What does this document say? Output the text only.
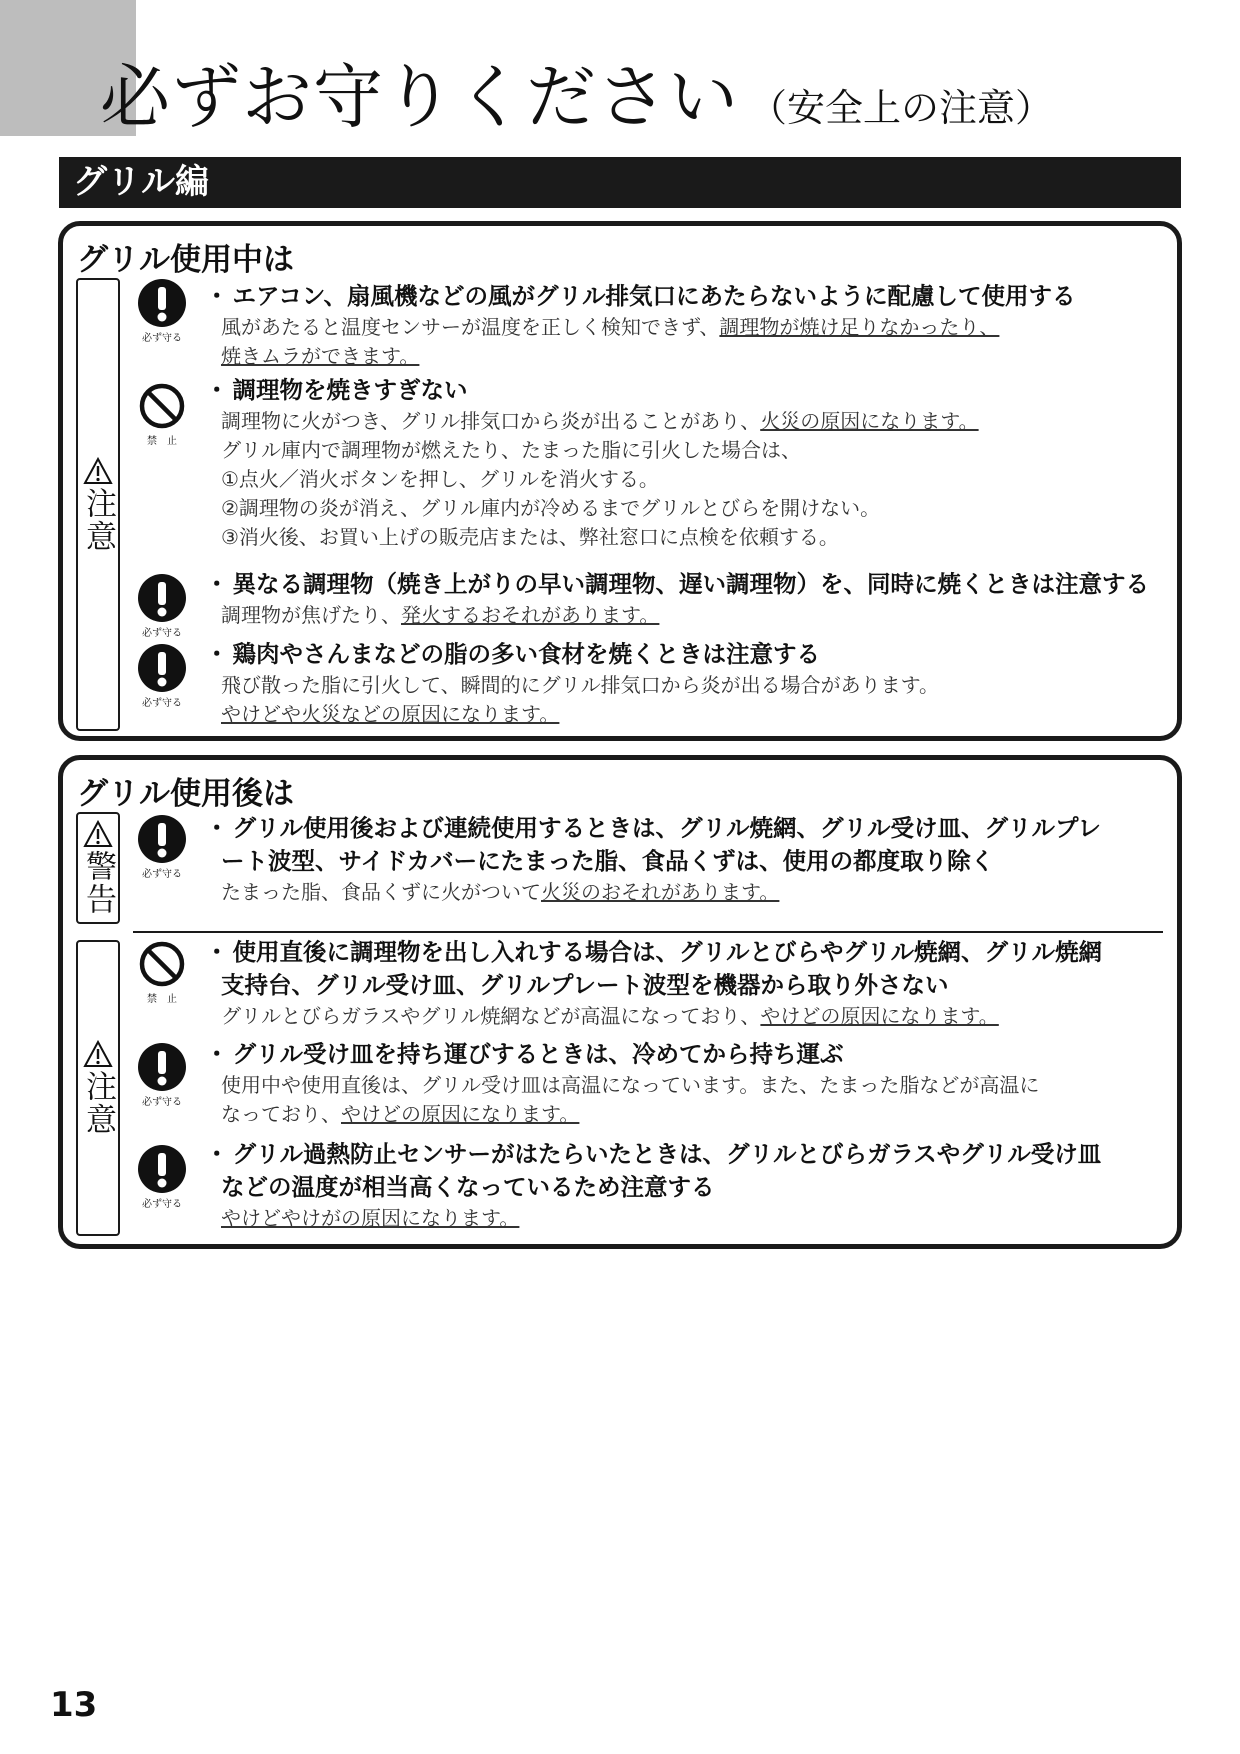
必ずお守りください （安全上の注意）
グリル編
グリル使用中は
注意
必ず守る
・ エアコン、扇風機などの風がグリル排気口にあたらないように配慮して使用する
風があたると温度センサーが温度を正しく検知できず、調理物が焼け足りなかったり、
焼きムラができます。
禁　止
・ 調理物を焼きすぎない
調理物に火がつき、グリル排気口から炎が出ることがあり、火災の原因になります。
グリル庫内で調理物が燃えたり、たまった脂に引火した場合は、
①点火／消火ボタンを押し、グリルを消火する。
②調理物の炎が消え、グリル庫内が冷めるまでグリルとびらを開けない。
③消火後、お買い上げの販売店または、弊社窓口に点検を依頼する。
必ず守る
・ 異なる調理物（焼き上がりの早い調理物、遅い調理物）を、同時に焼くときは注意する
調理物が焦げたり、発火するおそれがあります。
必ず守る
・ 鶏肉やさんまなどの脂の多い食材を焼くときは注意する
飛び散った脂に引火して、瞬間的にグリル排気口から炎が出る場合があります。
やけどや火災などの原因になります。
グリル使用後は
警告	必ず守る
・ グリル使用後および連続使用するときは、グリル焼網、グリル受け皿、グリルプレ
ート波型、サイドカバーにたまった脂、食品くずは、使用の都度取り除く
たまった脂、食品くずに火がついて火災のおそれがあります。
注意
禁　止
・ 使用直後に調理物を出し入れする場合は、グリルとびらやグリル焼網、グリル焼網
支持台、グリル受け皿、グリルプレート波型を機器から取り外さない
グリルとびらガラスやグリル焼網などが高温になっており、やけどの原因になります。
必ず守る
・ グリル受け皿を持ち運びするときは、冷めてから持ち運ぶ
使用中や使用直後は、グリル受け皿は高温になっています。また、たまった脂などが高温に
なっており、やけどの原因になります。
必ず守る
・ グリル過熱防止センサーがはたらいたときは、グリルとびらガラスやグリル受け皿
などの温度が相当高くなっているため注意する
やけどやけがの原因になります。
13
